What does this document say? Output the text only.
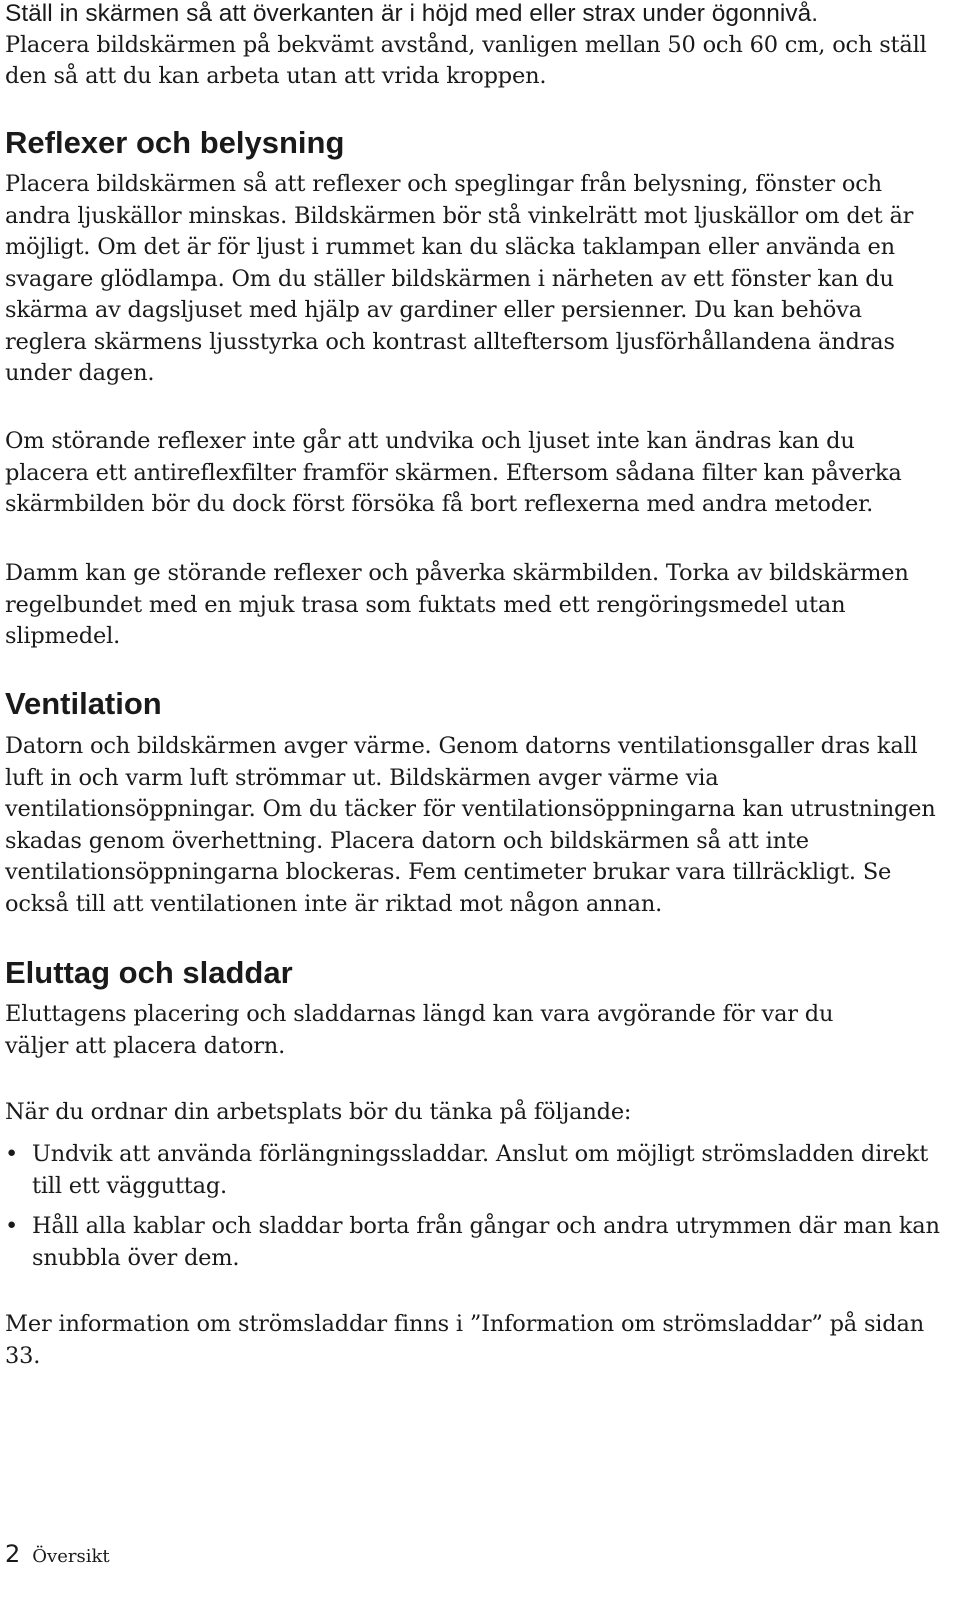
Ställ in skärmen så att överkanten är i höjd med eller strax under ögonnivå.

Placera bildskärmen på bekvämt avstånd, vanligen mellan 50 och 60 cm, och ställ den så att du kan arbeta utan att vrida kroppen.

Reflexer och belysning

Placera bildskärmen så att reflexer och speglingar från belysning, fönster och andra ljuskällor minskas. Bildskärmen bör stå vinkelrätt mot ljuskällor om det är möjligt. Om det är för ljust i rummet kan du släcka taklampan eller använda en svagare glödlampa. Om du ställer bildskärmen i närheten av ett fönster kan du skärma av dagsljuset med hjälp av gardiner eller persienner. Du kan behöva reglera skärmens ljusstyrka och kontrast allteftersom ljusförhållandena ändras under dagen.

Om störande reflexer inte går att undvika och ljuset inte kan ändras kan du placera ett antireflexfilter framför skärmen. Eftersom sådana filter kan påverka skärmbilden bör du dock först försöka få bort reflexerna med andra metoder.

Damm kan ge störande reflexer och påverka skärmbilden. Torka av bildskärmen regelbundet med en mjuk trasa som fuktats med ett rengöringsmedel utan slipmedel.

Ventilation

Datorn och bildskärmen avger värme. Genom datorns ventilationsgaller dras kall luft in och varm luft strömmar ut. Bildskärmen avger värme via ventilationsöppningar. Om du täcker för ventilationsöppningarna kan utrustningen skadas genom överhettning. Placera datorn och bildskärmen så att inte ventilationsöppningarna blockeras. Fem centimeter brukar vara tillräckligt. Se också till att ventilationen inte är riktad mot någon annan.

Eluttag och sladdar

Eluttagens placering och sladdarnas längd kan vara avgörande för var du väljer att placera datorn.

När du ordnar din arbetsplats bör du tänka på följande:

• Undvik att använda förlängningssladdar. Anslut om möjligt strömsladden direkt till ett vägguttag.
• Håll alla kablar och sladdar borta från gångar och andra utrymmen där man kan snubbla över dem.

Mer information om strömsladdar finns i ”Information om strömsladdar” på sidan 33.

2 Översikt
